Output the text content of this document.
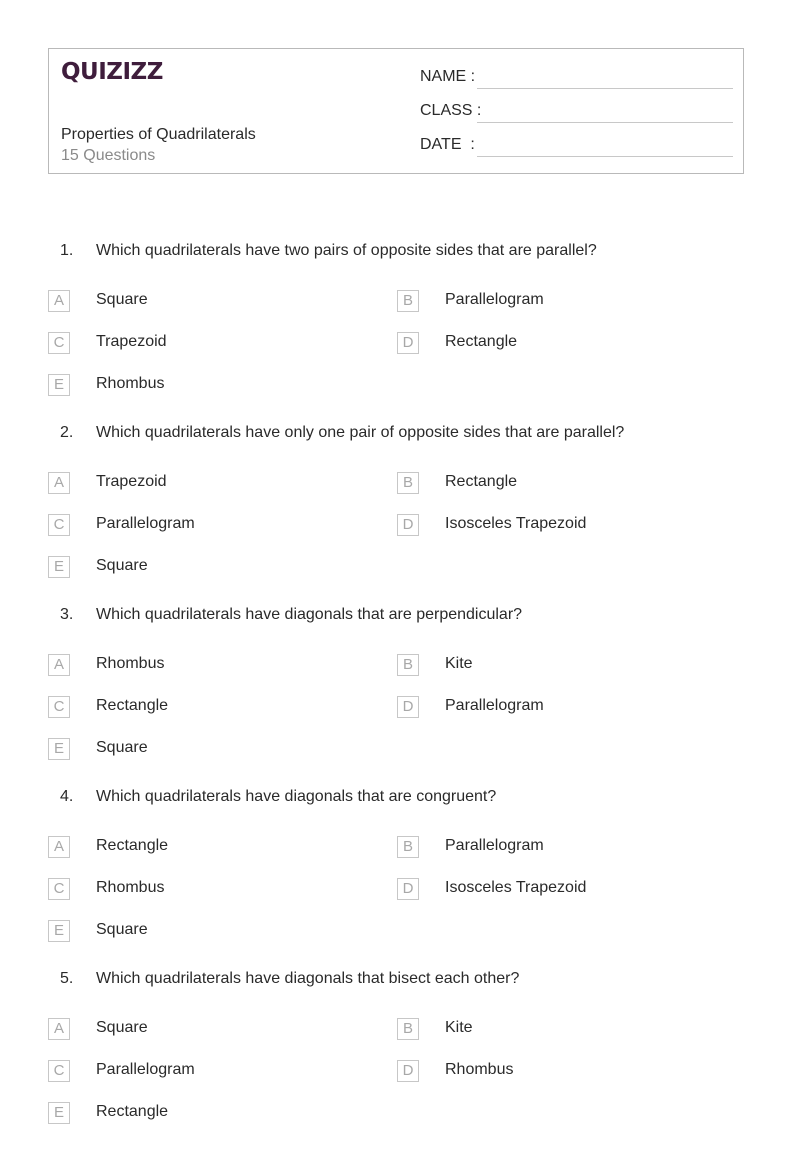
QUIZIZZ
Properties of Quadrilaterals
15 Questions
NAME :
CLASS :
DATE  :
1. Which quadrilaterals have two pairs of opposite sides that are parallel?
A	Square	B	Parallelogram
C	Trapezoid	D	Rectangle
E	Rhombus
2. Which quadrilaterals have only one pair of opposite sides that are parallel?
A	Trapezoid	B	Rectangle
C	Parallelogram	D	Isosceles Trapezoid
E	Square
3. Which quadrilaterals have diagonals that are perpendicular?
A	Rhombus	B	Kite
C	Rectangle	D	Parallelogram
E	Square
4. Which quadrilaterals have diagonals that are congruent?
A	Rectangle	B	Parallelogram
C	Rhombus	D	Isosceles Trapezoid
E	Square
5. Which quadrilaterals have diagonals that bisect each other?
A	Square	B	Kite
C	Parallelogram	D	Rhombus
E	Rectangle
